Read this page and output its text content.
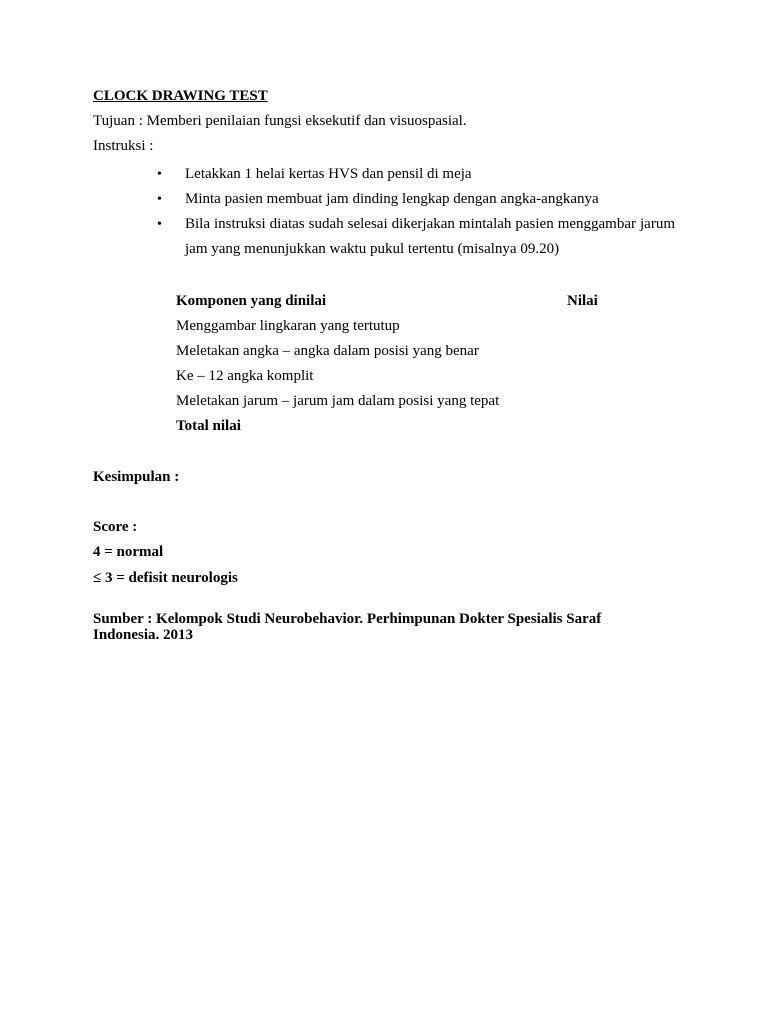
CLOCK DRAWING TEST
Tujuan : Memberi penilaian fungsi eksekutif dan visuospasial.
Instruksi :
• Letakkan 1 helai kertas HVS dan pensil di meja
• Minta pasien membuat jam dinding lengkap dengan angka-angkanya
• Bila instruksi diatas sudah selesai dikerjakan mintalah pasien menggambar jarum jam yang menunjukkan waktu pukul tertentu (misalnya 09.20)
Komponen yang dinilai	Nilai
Menggambar lingkaran yang tertutup
Meletakan angka – angka dalam posisi yang benar
Ke – 12 angka komplit
Meletakan jarum – jarum jam dalam posisi yang tepat
Total nilai
Kesimpulan :
Score :
4 = normal
≤ 3 = defisit neurologis
Sumber : Kelompok Studi Neurobehavior. Perhimpunan Dokter Spesialis Saraf Indonesia. 2013
